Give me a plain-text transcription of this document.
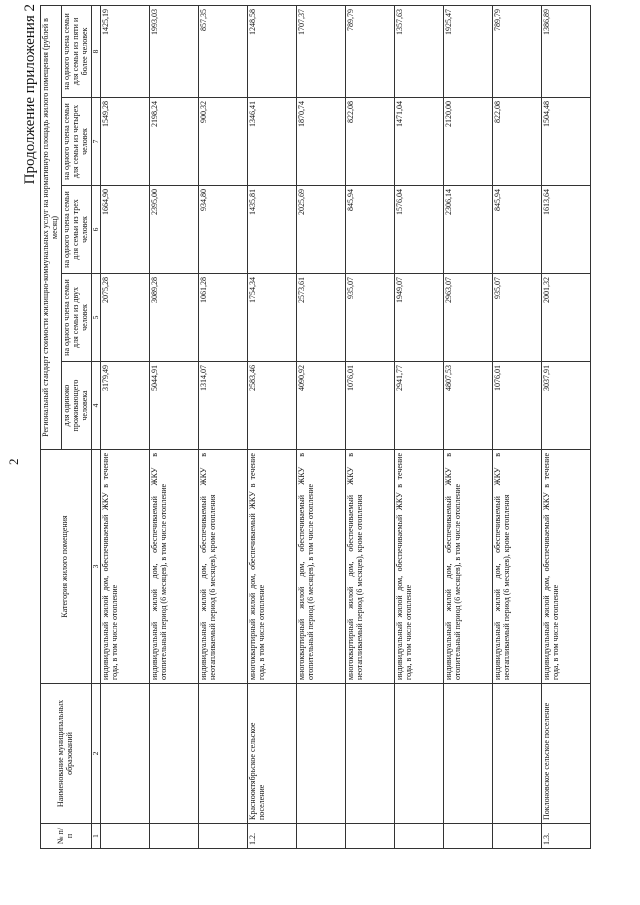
2
Продолжение приложения 2
№ п/п	Наименование муниципальных образований	Категория жилого помещения	Региональный стандарт стоимости жилищно-коммунальных услуг на нормативную площадь жилого помещения (рублей в месяц)				
			для одиноко проживающего человека	на одного члена семьи для семьи из двух человек	на одного члена семьи для семьи из трех человек	на одного члена семьи для семьи из четырех человек	на одного члена семьи для семьи из пяти и более человек
1	2	3	4	5	6	7	8
		индивидуальный жилой дом, обеспечиваемый ЖКУ в течение года, в том числе отопление	3179,49	2075,28	1664,90	1549,28	1425,19
		индивидуальный жилой дом, обеспечиваемый ЖКУ в отопительный период (6 месяцев), в том числе отопление	5044,91	3089,28	2395,00	2198,24	1993,03
		индивидуальный жилой дом, обеспечиваемый ЖКУ в неотапливаемый период (6 месяцев), кроме отопления	1314,07	1061,28	934,80	900,32	857,35
1.2.	Краснооктябрьское сельское поселение	многоквартирный жилой дом, обеспечиваемый ЖКУ в течение года, в том числе отопление	2583,46	1754,34	1435,81	1346,41	1248,58
		многоквартирный жилой дом, обеспечиваемый ЖКУ в отопительный период (6 месяцев), в том числе отопление	4090,92	2573,61	2025,69	1870,74	1707,37
		многоквартирный жилой дом, обеспечиваемый ЖКУ в неотапливаемый период (6 месяцев), кроме отопления	1076,01	935,07	845,94	822,08	789,79
		индивидуальный жилой дом, обеспечиваемый ЖКУ в течение года, в том числе отопление	2941,77	1949,07	1576,04	1471,04	1357,63
		индивидуальный жилой дом, обеспечиваемый ЖКУ в отопительный период (6 месяцев), в том числе отопление	4807,53	2963,07	2306,14	2120,00	1925,47
		индивидуальный жилой дом, обеспечиваемый ЖКУ в неотапливаемый период (6 месяцев), кроме отопления	1076,01	935,07	845,94	822,08	789,79
1.3.	Поклоновское сельское поселение	индивидуальный жилой дом, обеспечиваемый ЖКУ в течение года, в том числе отопление	3037,91	2001,32	1613,64	1504,48	1386,89
